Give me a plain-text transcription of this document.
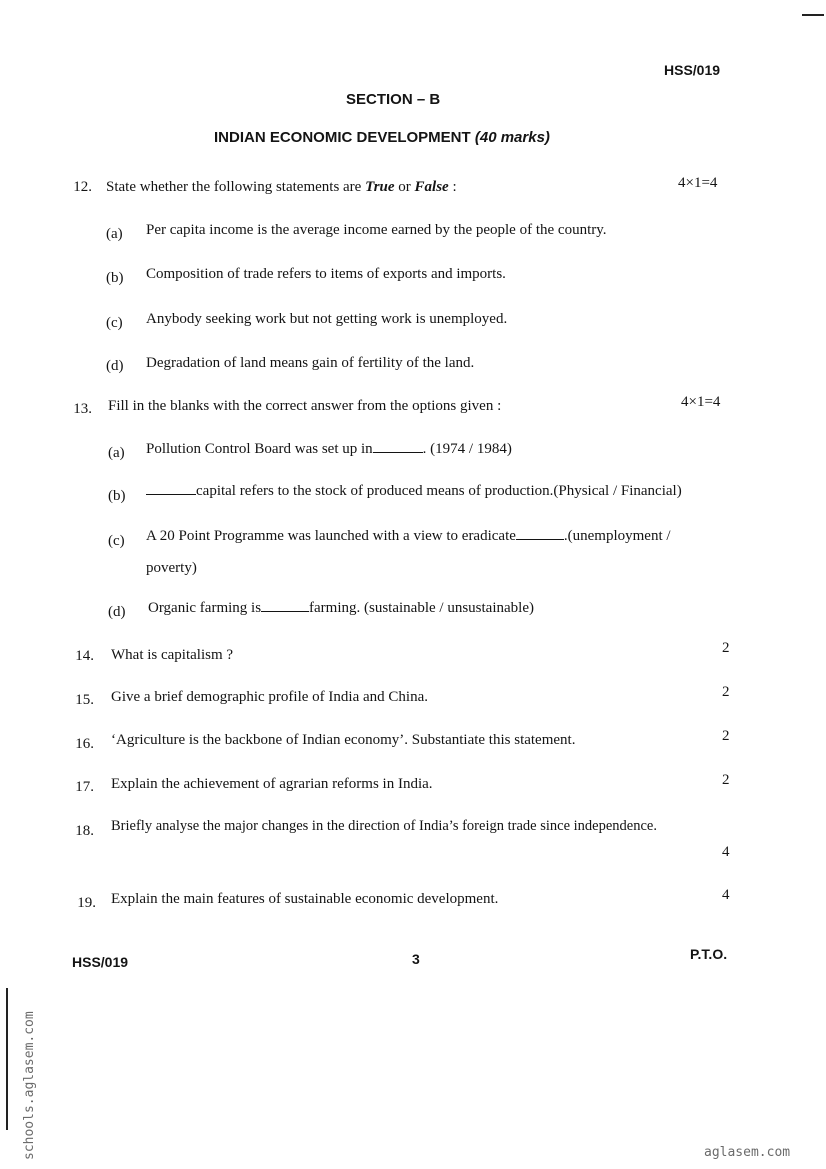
HSS/019
SECTION – B
INDIAN ECONOMIC DEVELOPMENT (40 marks)
12. State whether the following statements are True or False :	4×1=4
(a) Per capita income is the average income earned by the people of the country.
(b) Composition of trade refers to items of exports and imports.
(c) Anybody seeking work but not getting work is unemployed.
(d) Degradation of land means gain of fertility of the land.
13. Fill in the blanks with the correct answer from the options given :	4×1=4
(a) Pollution Control Board was set up in	. (1974 / 1984)
(b)	capital refers to the stock of produced means of production.(Physical / Financial)
(c) A 20 Point Programme was launched with a view to eradicate	.(unemployment /
poverty)
(d) Organic farming is	farming. (sustainable / unsustainable)
14. What is capitalism ?	2
15. Give a brief demographic profile of India and China.	2
16. ‘Agriculture is the backbone of Indian economy’. Substantiate this statement.	2
17. Explain the achievement of agrarian reforms in India.	2
18. Briefly analyse the major changes in the direction of India’s foreign trade since independence.
4
19. Explain the main features of sustainable economic development.	4
HSS/019	3	P.T.O.
schools.aglasem.com	aglasem.com
